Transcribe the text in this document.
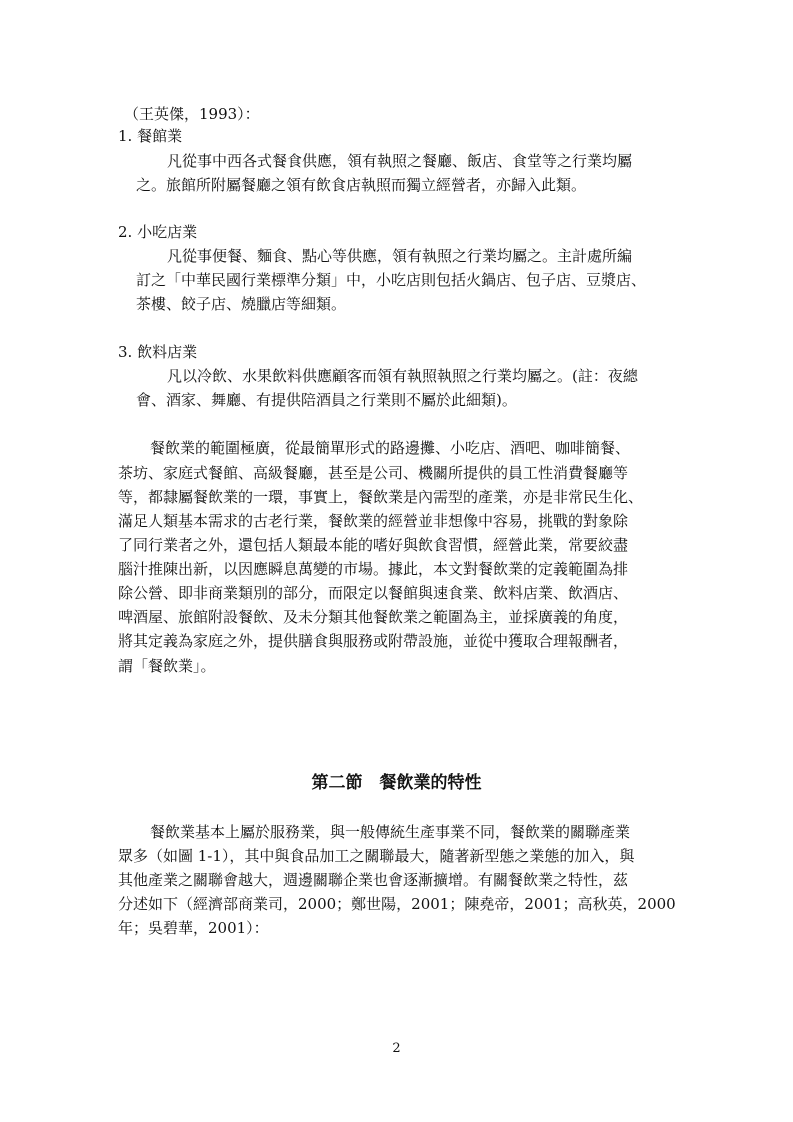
（王英傑，1993）：
1. 餐館業
凡從事中西各式餐食供應，領有執照之餐廳、飯店、食堂等之行業均屬
之。旅館所附屬餐廳之領有飲食店執照而獨立經營者，亦歸入此類。
2. 小吃店業
凡從事便餐、麵食、點心等供應，領有執照之行業均屬之。主計處所編
訂之「中華民國行業標準分類」中，小吃店則包括火鍋店、包子店、豆漿店、
茶樓、餃子店、燒臘店等細類。
3. 飲料店業
凡以冷飲、水果飲料供應顧客而領有執照執照之行業均屬之。(註：夜總
會、酒家、舞廳、有提供陪酒員之行業則不屬於此細類)。
餐飲業的範圍極廣，從最簡單形式的路邊攤、小吃店、酒吧、咖啡簡餐、
茶坊、家庭式餐館、高級餐廳，甚至是公司、機關所提供的員工性消費餐廳等
等，都隸屬餐飲業的一環，事實上，餐飲業是內需型的產業，亦是非常民生化、
滿足人類基本需求的古老行業，餐飲業的經營並非想像中容易，挑戰的對象除
了同行業者之外，還包括人類最本能的嗜好與飲食習慣，經營此業，常要絞盡
腦汁推陳出新，以因應瞬息萬變的市場。據此，本文對餐飲業的定義範圍為排
除公營、即非商業類別的部分，而限定以餐館與速食業、飲料店業、飲酒店、
啤酒屋、旅館附設餐飲、及未分類其他餐飲業之範圍為主，並採廣義的角度，
將其定義為家庭之外，提供膳食與服務或附帶設施，並從中獲取合理報酬者，
謂「餐飲業」。
第二節　餐飲業的特性
餐飲業基本上屬於服務業，與一般傳統生產事業不同，餐飲業的關聯產業
眾多（如圖 1-1），其中與食品加工之關聯最大，隨著新型態之業態的加入，與
其他產業之關聯會越大，週邊關聯企業也會逐漸擴增。有關餐飲業之特性，茲
分述如下（經濟部商業司，2000；鄭世陽，2001；陳堯帝，2001；高秋英，2000
年；吳碧華，2001）：
2
